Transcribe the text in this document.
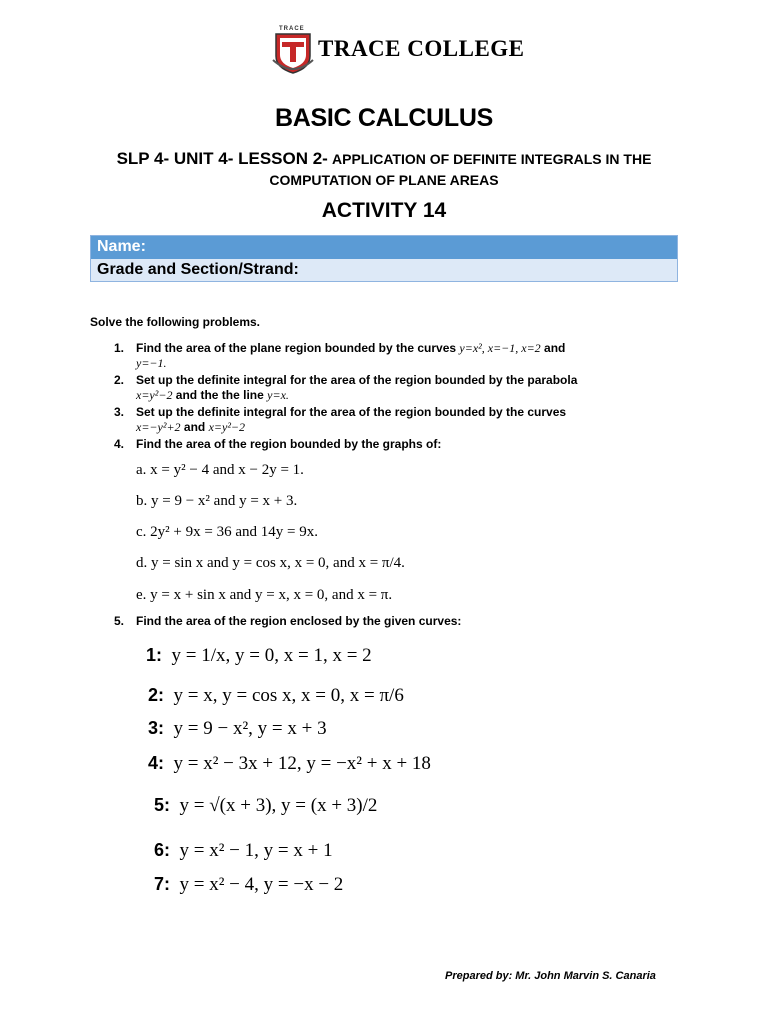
TRACE
TRACE COLLEGE
BASIC CALCULUS
SLP 4- UNIT 4- LESSON 2- APPLICATION OF DEFINITE INTEGRALS IN THE
COMPUTATION OF PLANE AREAS
ACTIVITY 14
Name:
Grade and Section/Strand:
Solve the following problems.
1. Find the area of the plane region bounded by the curves y=x², x=−1, x=2 and
y=−1.
2. Set up the definite integral for the area of the region bounded by the parabola
x=y²−2 and the the line y=x.
3. Set up the definite integral for the area of the region bounded by the curves
x=−y²+2 and x=y²−2
4. Find the area of the region bounded by the graphs of:
a. x = y² − 4 and x − 2y = 1.
b. y = 9 − x² and y = x + 3.
c. 2y² + 9x = 36 and 14y = 9x.
d. y = sin x and y = cos x, x = 0, and x = π/4.
e. y = x + sin x and y = x, x = 0, and x = π.
5. Find the area of the region enclosed by the given curves:
1: y = 1/x, y = 0, x = 1, x = 2
2: y = x, y = cos x, x = 0, x = π/6
3: y = 9 − x², y = x + 3
4: y = x² − 3x + 12, y = −x² + x + 18
5: y = √(x + 3), y = (x + 3)/2
6: y = x² − 1, y = x + 1
7: y = x² − 4, y = −x − 2
Prepared by: Mr. John Marvin S. Canaria
